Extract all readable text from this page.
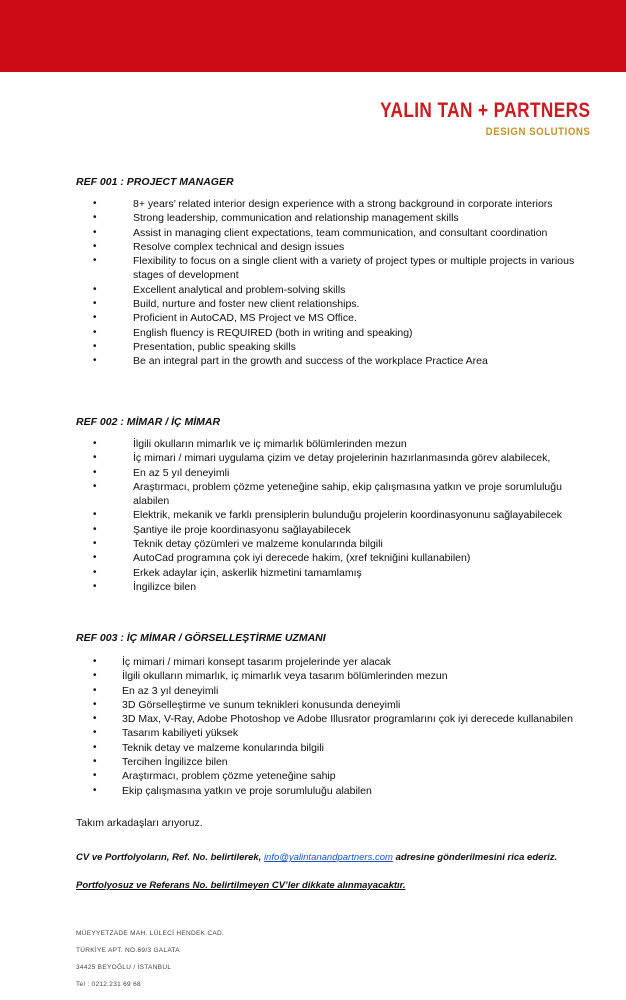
YALIN TAN + PARTNERS
DESIGN SOLUTIONS
REF 001 : PROJECT MANAGER
•	8+ years’ related interior design experience with a strong background in corporate interiors
•	Strong leadership, communication and relationship management skills
•	Assist in managing client expectations, team communication, and consultant coordination
•	Resolve complex technical and design issues
•	Flexibility to focus on a single client with a variety of project types or multiple projects in various stages of development
•	Excellent analytical and problem-solving skills
•	Build, nurture and foster new client relationships.
•	Proficient in AutoCAD, MS Project ve MS Office.
•	English fluency is REQUIRED (both in writing and speaking)
•	Presentation, public speaking skills
•	Be an integral part in the growth and success of the workplace Practice Area
REF 002 : MİMAR / İÇ MİMAR
•	İlgili okulların mimarlık ve iç mimarlık bölümlerinden mezun
•	İç mimari / mimari uygulama çizim ve detay projelerinin hazırlanmasında görev alabilecek,
•	En az 5 yıl deneyimli
•	Araştırmacı, problem çözme yeteneğine sahip, ekip çalışmasına yatkın ve proje sorumluluğu alabilen
•	Elektrik, mekanik ve farklı prensiplerin bulunduğu projelerin koordinasyonunu sağlayabilecek
•	Şantiye ile proje koordinasyonu sağlayabilecek
•	Teknik detay çözümleri ve malzeme konularında bilgili
•	AutoCad programına çok iyi derecede hakim, (xref tekniğini kullanabilen)
•	Erkek adaylar için, askerlik hizmetini tamamlamış
•	İngilizce bilen
REF 003 : İÇ MİMAR / GÖRSELLEŞTİRME UZMANI
• İç mimari / mimari konsept tasarım projelerinde yer alacak
• İlgili okulların mimarlık, iç mimarlık veya tasarım bölümlerinden mezun
• En az 3 yıl deneyimli
• 3D Görselleştirme ve sunum teknikleri konusunda deneyimli
• 3D Max, V-Ray, Adobe Photoshop ve Adobe Illusrator programlarını çok iyi derecede kullanabilen
• Tasarım kabiliyeti yüksek
• Teknik detay ve malzeme konularında bilgili
• Tercihen İngilizce bilen
• Araştırmacı, problem çözme yeteneğine sahip
• Ekip çalışmasına yatkın ve proje sorumluluğu alabilen
Takım arkadaşları arıyoruz.
CV ve Portfolyoların, Ref. No. belirtilerek, info@yalintanandpartners.com adresine gönderilmesini rica ederiz.
Portfolyosuz ve Referans No. belirtilmeyen CV’ler dikkate alınmayacaktır.
MÜEYYETZADE MAH. LÜLECİ HENDEK CAD.
TÜRKİYE APT. NO.69/3 GALATA
34425 BEYOĞLU / İSTANBUL
Tel : 0212.231 69 68
